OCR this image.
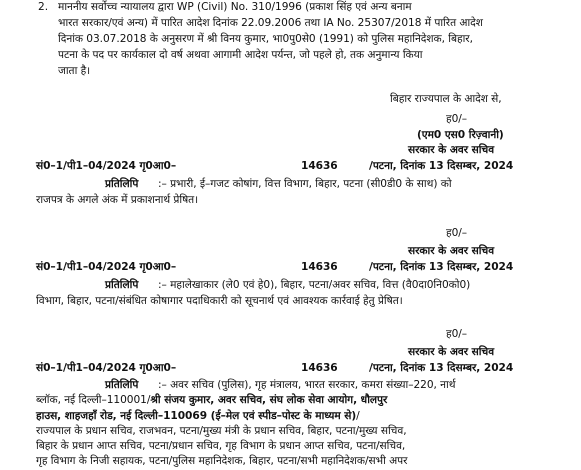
2. माननीय सर्वोच्च न्यायालय द्वारा WP (Civil) No. 310/1996 (प्रकाश सिंह एवं अन्य बनाम
भारत सरकार/एवं अन्य) में पारित आदेश दिनांक 22.09.2006 तथा IA No. 25307/2018 में पारित आदेश
दिनांक 03.07.2018 के अनुसरण में श्री विनय कुमार, भा0पु0से0 (1991) को पुलिस महानिदेशक, बिहार,
पटना के पद पर कार्यकाल दो वर्ष अथवा आगामी आदेश पर्यन्त, जो पहले हो, तक अनुमान्य किया
जाता है।
बिहार राज्यपाल के आदेश से,
ह0/–
(एम0 एस0 रिज़्वानी)
सरकार के अवर सचिव
सं0–1/पी1–04/2024 गृ0आ0–	14636	/पटना, दिनांक 13 दिसम्बर, 2024
प्रतिलिपि :– प्रभारी, ई–गजट कोषांग, वित्त विभाग, बिहार, पटना (सी0डी0 के साथ) को
राजपत्र के अगले अंक में प्रकाशनार्थ प्रेषित।
ह0/–
सरकार के अवर सचिव
सं0–1/पी1–04/2024 गृ0आ0–	14636	/पटना, दिनांक 13 दिसम्बर, 2024
प्रतिलिपि :– महालेखाकार (ले0 एवं हे0), बिहार, पटना/अवर सचिव, वित्त (वै0दा0नि0को0)
विभाग, बिहार, पटना/संबंधित कोषागार पदाधिकारी को सूचनार्थ एवं आवश्यक कार्रवाई हेतु प्रेषित।
ह0/–
सरकार के अवर सचिव
सं0–1/पी1–04/2024 गृ0आ0–	14636	/पटना, दिनांक 13 दिसम्बर, 2024
प्रतिलिपि :– अवर सचिव (पुलिस), गृह मंत्रालय, भारत सरकार, कमरा संख्या–220, नार्थ
ब्लॉक, नई दिल्ली–110001/श्री संजय कुमार, अवर सचिव, संघ लोक सेवा आयोग, धौलपुर
हाउस, शाहजहाँ रोड, नई दिल्ली–110069 (ई–मेल एवं स्पीड–पोस्ट के माध्यम से)/
राज्यपाल के प्रधान सचिव, राजभवन, पटना/मुख्य मंत्री के प्रधान सचिव, बिहार, पटना/मुख्य सचिव,
बिहार के प्रधान आप्त सचिव, पटना/प्रधान सचिव, गृह विभाग के प्रधान आप्त सचिव, पटना/सचिव,
गृह विभाग के निजी सहायक, पटना/पुलिस महानिदेशक, बिहार, पटना/सभी महानिदेशक/सभी अपर
